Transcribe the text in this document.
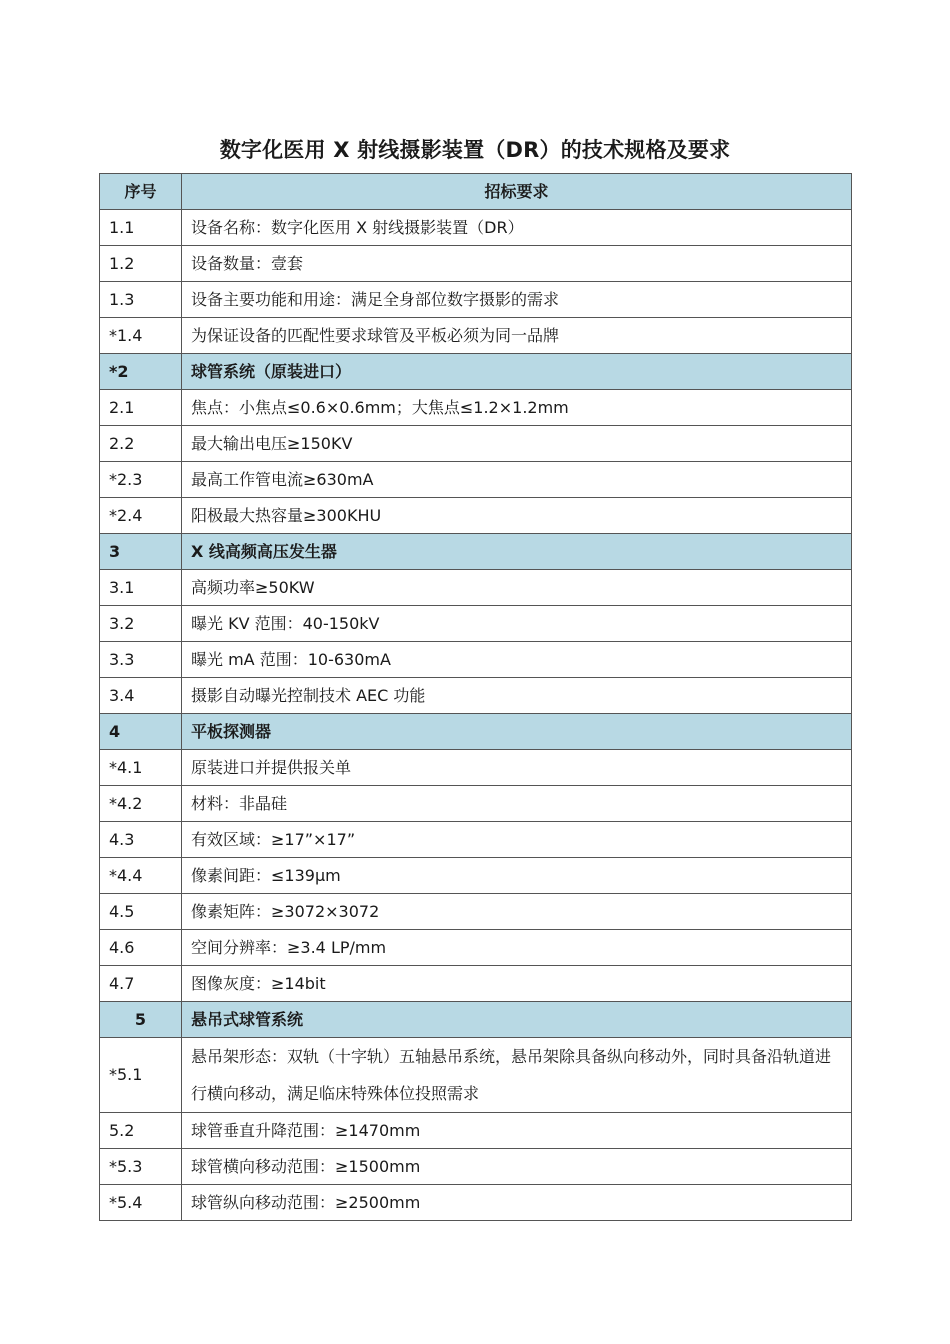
数字化医用 X 射线摄影装置（DR）的技术规格及要求
序号	招标要求
1.1	设备名称：数字化医用 X 射线摄影装置（DR）
1.2	设备数量：壹套
1.3	设备主要功能和用途：满足全身部位数字摄影的需求
*1.4	为保证设备的匹配性要求球管及平板必须为同一品牌
*2	球管系统（原装进口）
2.1	焦点：小焦点≤0.6×0.6mm；大焦点≤1.2×1.2mm
2.2	最大输出电压≥150KV
*2.3	最高工作管电流≥630mA
*2.4	阳极最大热容量≥300KHU
3	X 线高频高压发生器
3.1	高频功率≥50KW
3.2	曝光 KV 范围：40-150kV
3.3	曝光 mA 范围：10-630mA
3.4	摄影自动曝光控制技术 AEC 功能
4	平板探测器
*4.1	原装进口并提供报关单
*4.2	材料：非晶硅
4.3	有效区域：≥17”×17”
*4.4	像素间距：≤139μm
4.5	像素矩阵：≥3072×3072
4.6	空间分辨率：≥3.4 LP/mm
4.7	图像灰度：≥14bit
5	悬吊式球管系统
*5.1	悬吊架形态：双轨（十字轨）五轴悬吊系统，悬吊架除具备纵向移动外，同时具备沿轨道进行横向移动，满足临床特殊体位投照需求
5.2	球管垂直升降范围：≥1470mm
*5.3	球管横向移动范围：≥1500mm
*5.4	球管纵向移动范围：≥2500mm
